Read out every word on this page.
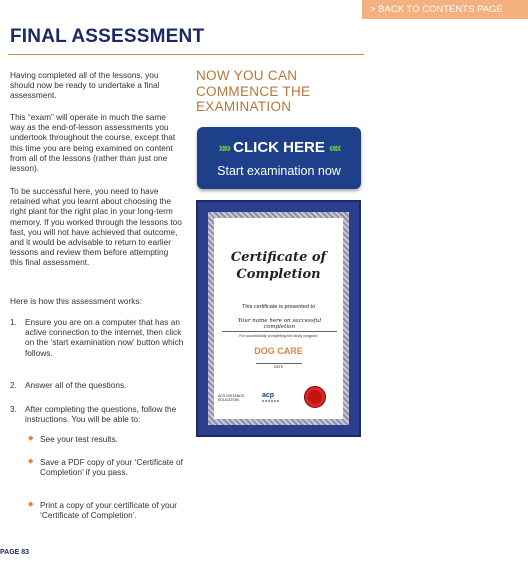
> BACK TO CONTENTS PAGE
FINAL ASSESSMENT
Having completed all of the lessons, you should now be ready to undertake a final assessment.
This “exam” will operate in much the same way as the end-of-lesson assessments you undertook throughout the course, except that this time you are being examined on content from all of the lessons (rather than just one lesson).
To be successful here, you need to have retained what you learnt about choosing the right plant for the right plac in your long-term memory. If you worked through the lessons too fast, you will not have achieved that outcome, and it would be advisable to return to earlier lessons and review them before attempting this final assessment.
Here is how this assessment works:
1. Ensure you are on a computer that has an active connection to the internet, then click on the ‘start examination now’ button which follows.
2. Answer all of the questions.
3. After completing the questions, follow the instructions. You will be able to:
◆ See your test results.
◆ Save a PDF copy of your ‘Certificate of Completion’ if you pass.
◆ Print a copy of your certificate of your ‘Certificate of Completion’.
PAGE 83
NOW YOU CAN COMMENCE THE EXAMINATION
»» CLICK HERE ««
Start examination now
Certificate of Completion
This certificate is presented to
Your name here on successful completion
For successfully completing the study program
DOG CARE
DATE
ACS DISTANCE EDUCATION
acp
